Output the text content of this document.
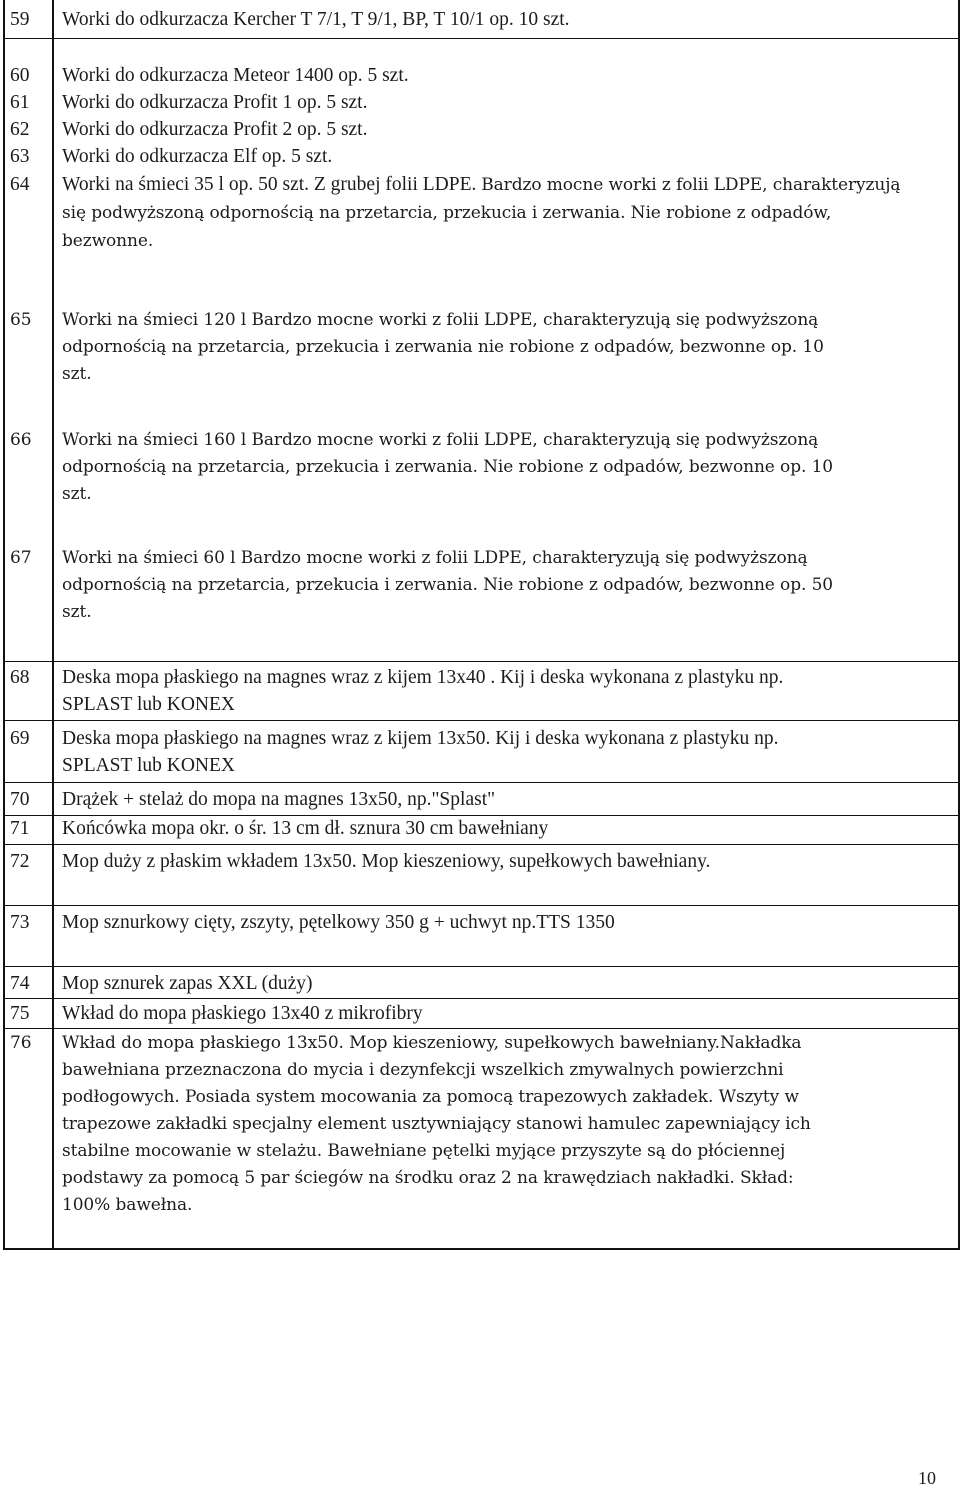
59	Worki do odkurzacza Kercher T 7/1, T 9/1, BP, T 10/1 op. 10 szt.
60	Worki do odkurzacza Meteor 1400 op. 5 szt.
61	Worki do odkurzacza Profit 1 op. 5 szt.
62	Worki do odkurzacza Profit 2 op. 5 szt.
63	Worki do odkurzacza Elf op. 5 szt.
64	Worki na śmieci 35 l op. 50 szt. Z grubej folii LDPE. Bardzo mocne worki z folii LDPE, charakteryzują się podwyższoną odpornością na przetarcia, przekucia i zerwania. Nie robione z odpadów, bezwonne.
65	Worki na śmieci 120 l Bardzo mocne worki z folii LDPE, charakteryzują się podwyższoną
odpornością na przetarcia, przekucia i zerwania nie robione z odpadów, bezwonne op. 10
szt.
66	Worki na śmieci 160 l Bardzo mocne worki z folii LDPE, charakteryzują się podwyższoną
odpornością na przetarcia, przekucia i zerwania. Nie robione z odpadów, bezwonne op. 10
szt.
67	Worki na śmieci 60 l Bardzo mocne worki z folii LDPE, charakteryzują się podwyższoną
odpornością na przetarcia, przekucia i zerwania. Nie robione z odpadów, bezwonne op. 50
szt.
68	Deska mopa płaskiego na magnes wraz z kijem 13x40 . Kij i deska wykonana z plastyku np.
SPLAST lub KONEX
69	Deska mopa płaskiego na magnes wraz z kijem 13x50. Kij i deska wykonana z plastyku np.
SPLAST lub KONEX
70	Drążek + stelaż do mopa na magnes 13x50, np."Splast"
71	Końcówka mopa okr. o śr. 13 cm dł. sznura 30 cm bawełniany
72	Mop duży z płaskim wkładem 13x50. Mop kieszeniowy, supełkowych bawełniany.
73	Mop sznurkowy cięty, zszyty, pętelkowy 350 g + uchwyt np.TTS 1350
74	Mop sznurek zapas XXL (duży)
75	Wkład do mopa płaskiego 13x40 z mikrofibry
76	Wkład do mopa płaskiego 13x50. Mop kieszeniowy, supełkowych bawełniany.Nakładka
bawełniana przeznaczona do mycia i dezynfekcji wszelkich zmywalnych powierzchni
podłogowych. Posiada system mocowania za pomocą trapezowych zakładek. Wszyty w
trapezowe zakładki specjalny element usztywniający stanowi hamulec zapewniający ich
stabilne mocowanie w stelażu. Bawełniane pętelki myjące przyszyte są do płóciennej
podstawy za pomocą 5 par ściegów na środku oraz 2 na krawędziach nakładki. Skład:
100% bawełna.
10
